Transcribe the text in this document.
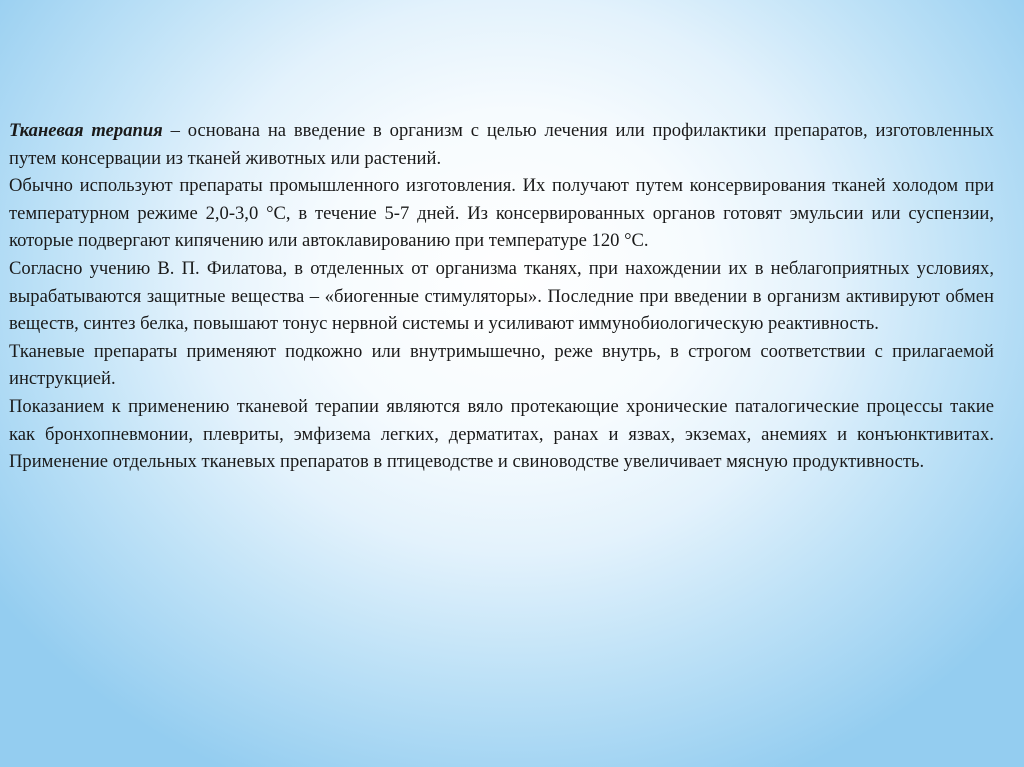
Тканевая терапия – основана на введение в организм с целью лечения или профилактики препаратов, изготовленных путем консервации из тканей животных или растений.

Обычно используют препараты промышленного изготовления. Их получают путем консервирования тканей холодом при температурном режиме 2,0-3,0 °С, в течение 5-7 дней. Из консервированных органов готовят эмульсии или суспензии, которые подвергают кипячению или автоклавированию при температуре 120 °С.

Согласно учению В. П. Филатова, в отделенных от организма тканях, при нахождении их в неблагоприятных условиях, вырабатываются защитные вещества – «биогенные стимуляторы». Последние при введении в организм активируют обмен веществ, синтез белка, повышают тонус нервной системы и усиливают иммунобиологическую реактивность.

Тканевые препараты применяют подкожно или внутримышечно, реже внутрь, в строгом соответствии с прилагаемой инструкцией.

Показанием к применению тканевой терапии являются вяло протекающие хронические паталогические процессы такие как бронхопневмонии, плевриты, эмфизема легких, дерматитах, ранах и язвах, экземах, анемиях и конъюнктивитах. Применение отдельных тканевых препаратов в птицеводстве и свиноводстве увеличивает мясную продуктивность.
